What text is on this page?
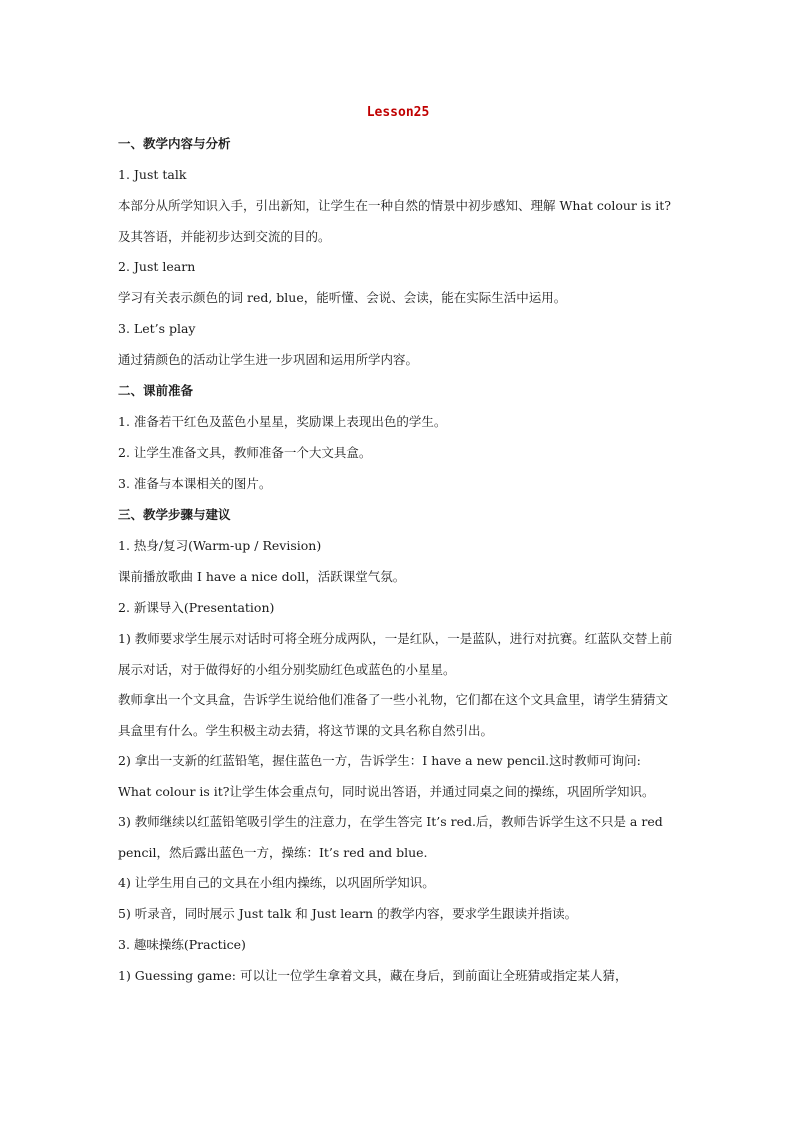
Lesson25

一、教学内容与分析

1. Just talk

本部分从所学知识入手，引出新知，让学生在一种自然的情景中初步感知、理解 What colour is it?及其答语，并能初步达到交流的目的。

2. Just learn

学习有关表示颜色的词 red, blue，能听懂、会说、会读，能在实际生活中运用。

3. Let’s play

通过猜颜色的活动让学生进一步巩固和运用所学内容。

二、课前准备

1. 准备若干红色及蓝色小星星，奖励课上表现出色的学生。

2. 让学生准备文具，教师准备一个大文具盒。

3. 准备与本课相关的图片。

三、教学步骤与建议

1. 热身/复习(Warm-up / Revision)

课前播放歌曲 I have a nice doll，活跃课堂气氛。

2. 新课导入(Presentation)

1) 教师要求学生展示对话时可将全班分成两队，一是红队，一是蓝队，进行对抗赛。红蓝队交替上前展示对话，对于做得好的小组分别奖励红色或蓝色的小星星。

教师拿出一个文具盒，告诉学生说给他们准备了一些小礼物，它们都在这个文具盒里，请学生猜猜文具盒里有什么。学生积极主动去猜，将这节课的文具名称自然引出。

2) 拿出一支新的红蓝铅笔，握住蓝色一方，告诉学生：I have a new pencil.这时教师可询问: What colour is it?让学生体会重点句，同时说出答语，并通过同桌之间的操练，巩固所学知识。

3) 教师继续以红蓝铅笔吸引学生的注意力，在学生答完 It’s red.后，教师告诉学生这不只是 a red pencil，然后露出蓝色一方，操练：It’s red and blue.

4) 让学生用自己的文具在小组内操练，以巩固所学知识。

5) 听录音，同时展示 Just talk 和 Just learn 的教学内容，要求学生跟读并指读。

3. 趣味操练(Practice)

1) Guessing game: 可以让一位学生拿着文具，藏在身后，到前面让全班猜或指定某人猜，
